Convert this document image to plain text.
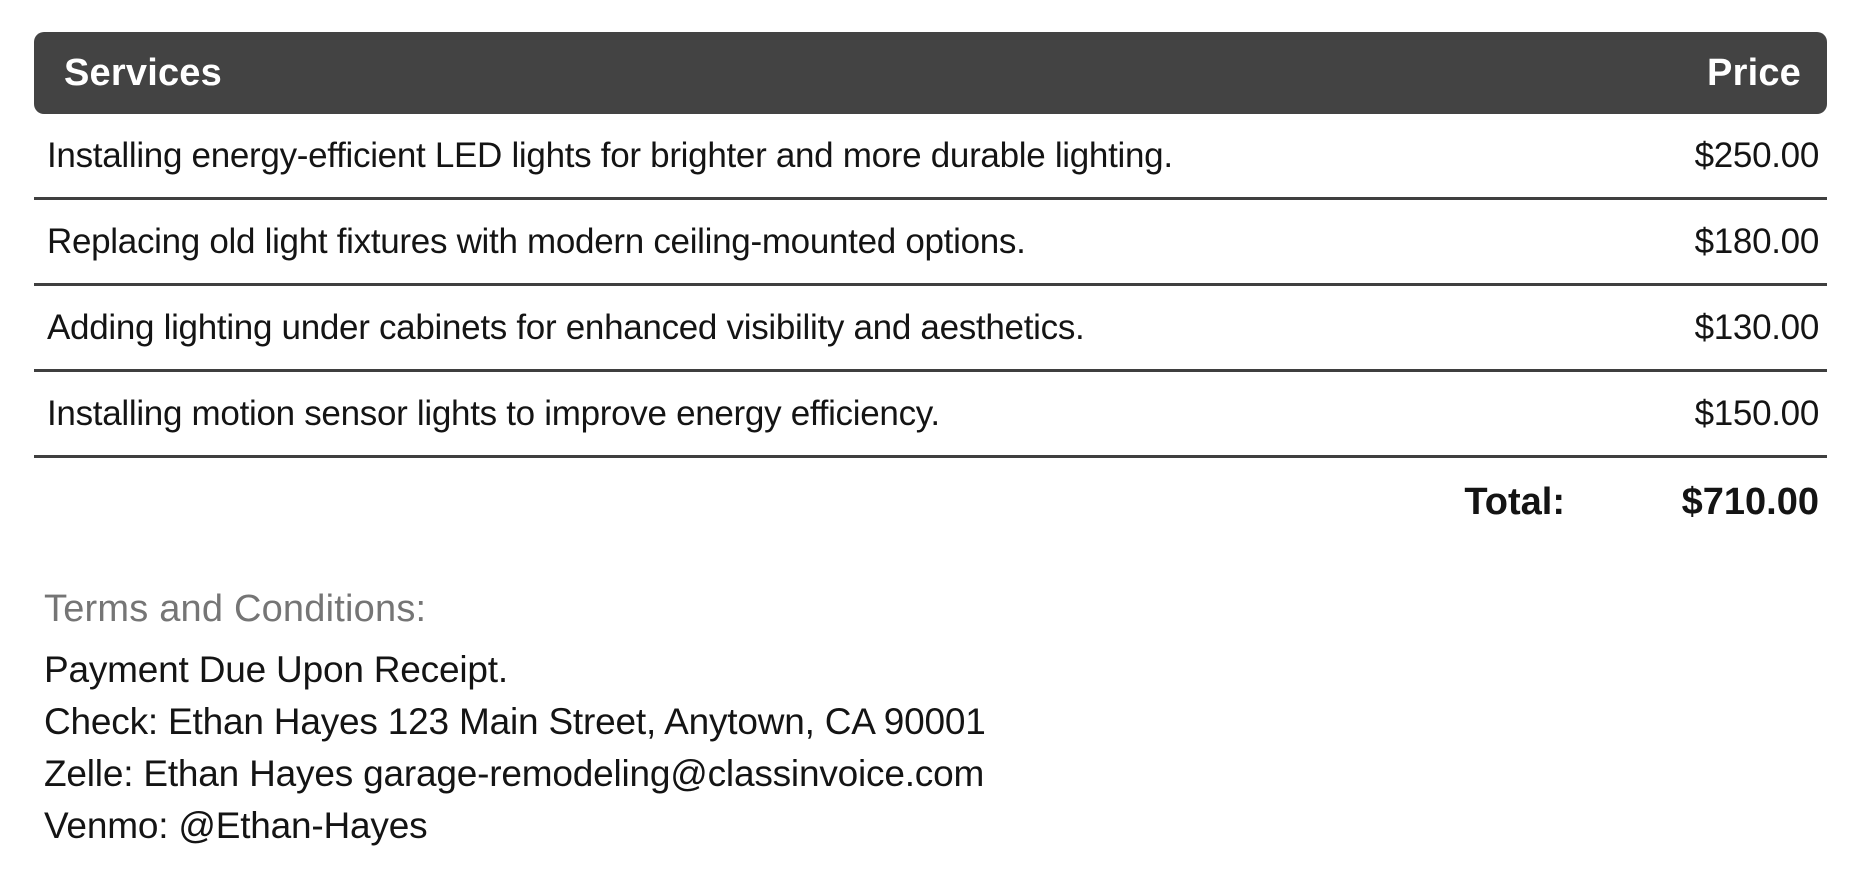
Services	Price
Installing energy-efficient LED lights for brighter and more durable lighting.	$250.00
Replacing old light fixtures with modern ceiling-mounted options.	$180.00
Adding lighting under cabinets for enhanced visibility and aesthetics.	$130.00
Installing motion sensor lights to improve energy efficiency.	$150.00
Total:	$710.00
Terms and Conditions:
Payment Due Upon Receipt.
Check: Ethan Hayes 123 Main Street, Anytown, CA 90001
Zelle: Ethan Hayes garage-remodeling@classinvoice.com
Venmo: @Ethan-Hayes
